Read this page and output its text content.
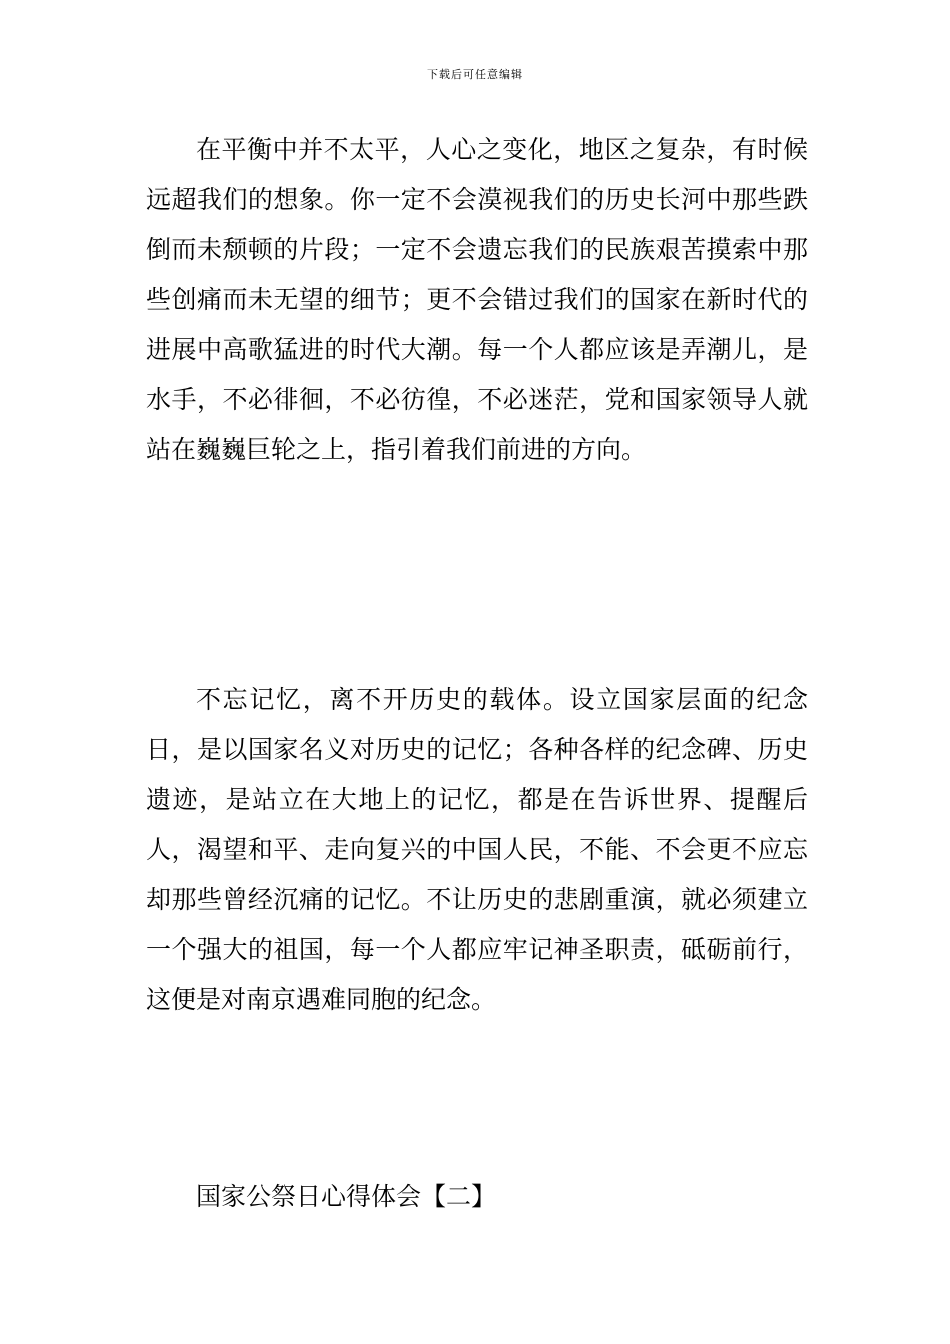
下载后可任意编辑

在平衡中并不太平，人心之变化，地区之复杂，有时候远超我们的想象。你一定不会漠视我们的历史长河中那些跌倒而未颓顿的片段；一定不会遗忘我们的民族艰苦摸索中那些创痛而未无望的细节；更不会错过我们的国家在新时代的进展中高歌猛进的时代大潮。每一个人都应该是弄潮儿，是水手，不必徘徊，不必彷徨，不必迷茫，党和国家领导人就站在巍巍巨轮之上，指引着我们前进的方向。

不忘记忆，离不开历史的载体。设立国家层面的纪念日，是以国家名义对历史的记忆；各种各样的纪念碑、历史遗迹，是站立在大地上的记忆，都是在告诉世界、提醒后人，渴望和平、走向复兴的中国人民，不能、不会更不应忘却那些曾经沉痛的记忆。不让历史的悲剧重演，就必须建立一个强大的祖国，每一个人都应牢记神圣职责，砥砺前行，这便是对南京遇难同胞的纪念。

国家公祭日心得体会【二】
